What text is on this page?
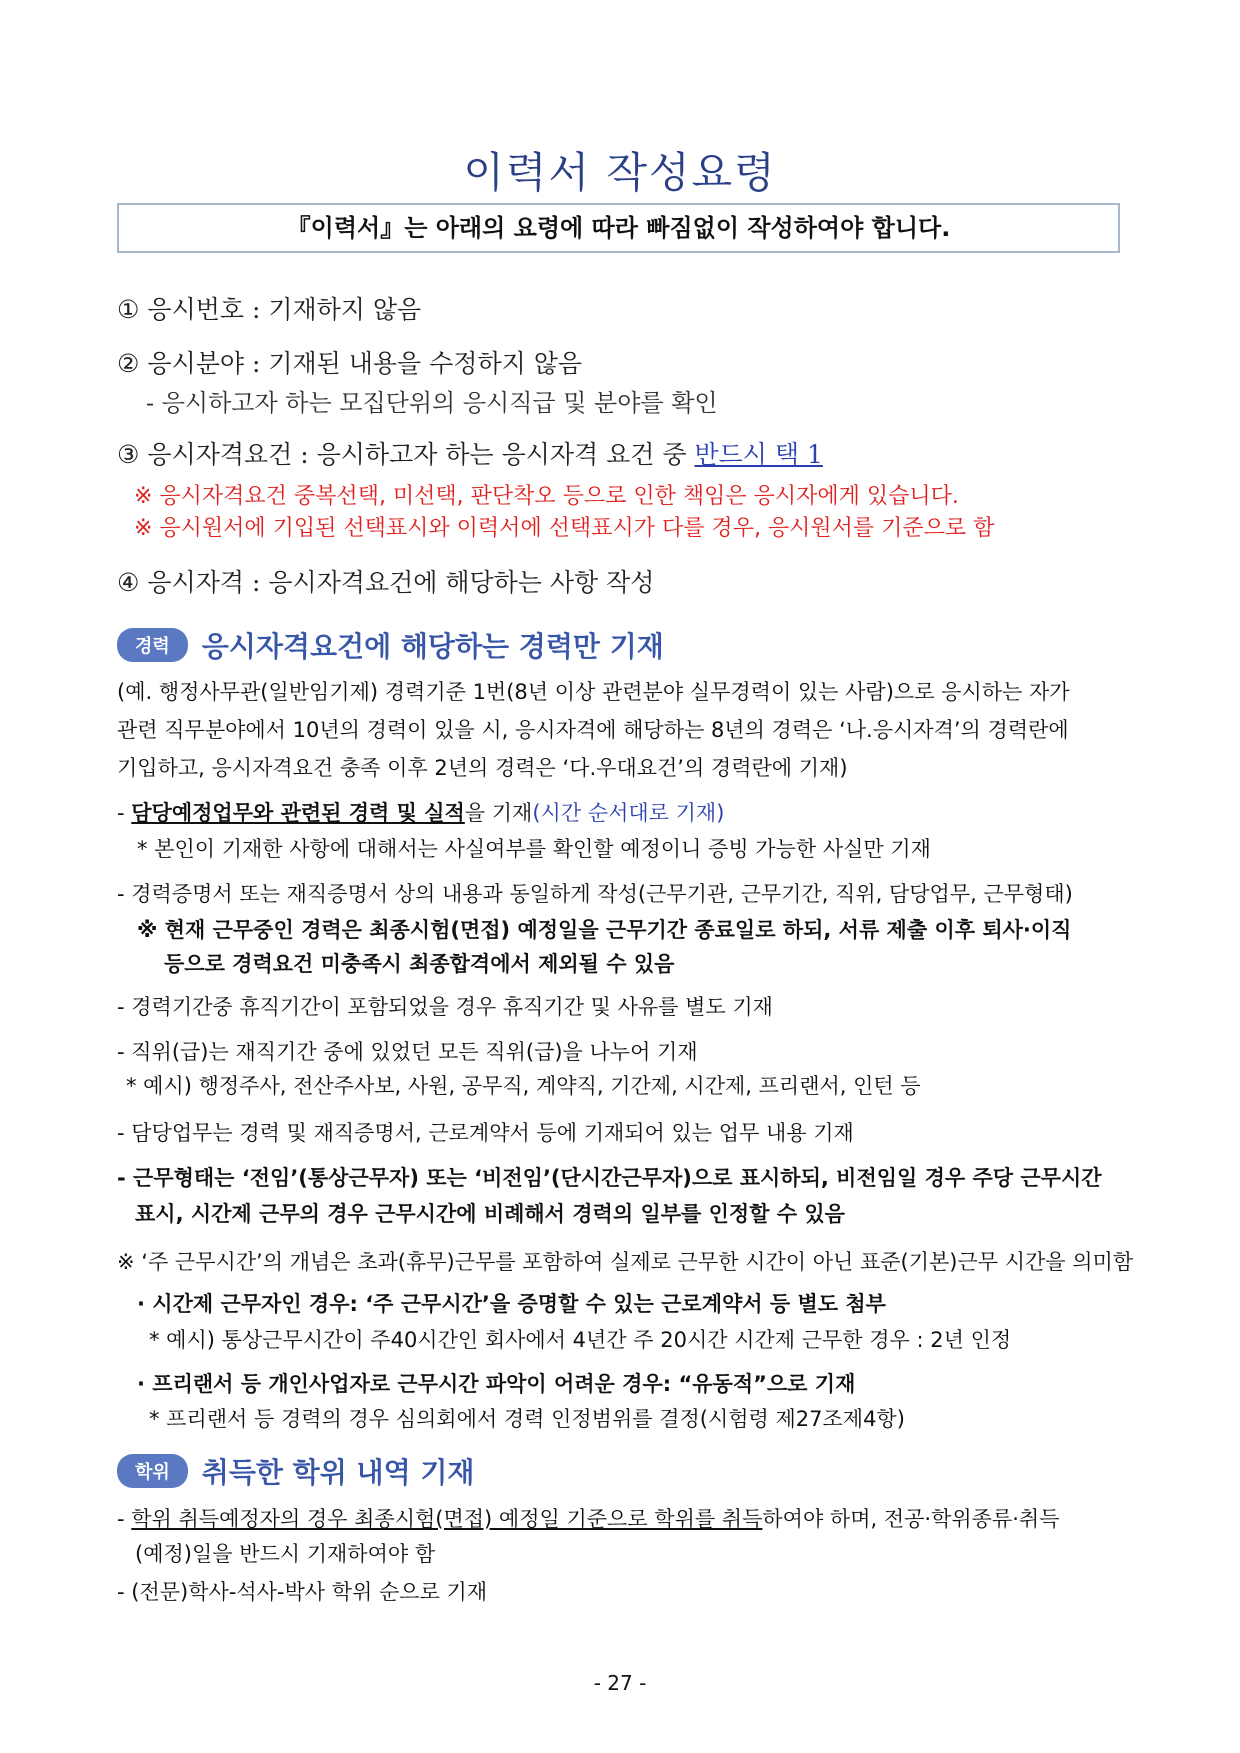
이력서 작성요령
『이력서』는 아래의 요령에 따라 빠짐없이 작성하여야 합니다.
① 응시번호 : 기재하지 않음
② 응시분야 : 기재된 내용을 수정하지 않음
- 응시하고자 하는 모집단위의 응시직급 및 분야를 확인
③ 응시자격요건 : 응시하고자 하는 응시자격 요건 중 반드시 택 1
※ 응시자격요건 중복선택, 미선택, 판단착오 등으로 인한 책임은 응시자에게 있습니다.
※ 응시원서에 기입된 선택표시와 이력서에 선택표시가 다를 경우, 응시원서를 기준으로 함
④ 응시자격 : 응시자격요건에 해당하는 사항 작성
경력	응시자격요건에 해당하는 경력만 기재
(예. 행정사무관(일반임기제) 경력기준 1번(8년 이상 관련분야 실무경력이 있는 사람)으로 응시하는 자가
관련 직무분야에서 10년의 경력이 있을 시, 응시자격에 해당하는 8년의 경력은 ‘나.응시자격’의 경력란에
기입하고, 응시자격요건 충족 이후 2년의 경력은 ‘다.우대요건’의 경력란에 기재)
- 담당예정업무와 관련된 경력 및 실적을 기재(시간 순서대로 기재)
* 본인이 기재한 사항에 대해서는 사실여부를 확인할 예정이니 증빙 가능한 사실만 기재
- 경력증명서 또는 재직증명서 상의 내용과 동일하게 작성(근무기관, 근무기간, 직위, 담당업무, 근무형태)
※ 현재 근무중인 경력은 최종시험(면접) 예정일을 근무기간 종료일로 하되, 서류 제출 이후 퇴사·이직
등으로 경력요건 미충족시 최종합격에서 제외될 수 있음
- 경력기간중 휴직기간이 포함되었을 경우 휴직기간 및 사유를 별도 기재
- 직위(급)는 재직기간 중에 있었던 모든 직위(급)을 나누어 기재
* 예시) 행정주사, 전산주사보, 사원, 공무직, 계약직, 기간제, 시간제, 프리랜서, 인턴 등
- 담당업무는 경력 및 재직증명서, 근로계약서 등에 기재되어 있는 업무 내용 기재
- 근무형태는 ‘전임’(통상근무자) 또는 ‘비전임’(단시간근무자)으로 표시하되, 비전임일 경우 주당 근무시간
표시, 시간제 근무의 경우 근무시간에 비례해서 경력의 일부를 인정할 수 있음
※ ‘주 근무시간’의 개념은 초과(휴무)근무를 포함하여 실제로 근무한 시간이 아닌 표준(기본)근무 시간을 의미함
· 시간제 근무자인 경우: ‘주 근무시간’을 증명할 수 있는 근로계약서 등 별도 첨부
* 예시) 통상근무시간이 주40시간인 회사에서 4년간 주 20시간 시간제 근무한 경우 : 2년 인정
· 프리랜서 등 개인사업자로 근무시간 파악이 어려운 경우: “유동적”으로 기재
* 프리랜서 등 경력의 경우 심의회에서 경력 인정범위를 결정(시험령 제27조제4항)
학위	취득한 학위 내역 기재
- 학위 취득예정자의 경우 최종시험(면접) 예정일 기준으로 학위를 취득하여야 하며, 전공·학위종류·취득
(예정)일을 반드시 기재하여야 함
- (전문)학사-석사-박사 학위 순으로 기재
- 27 -
